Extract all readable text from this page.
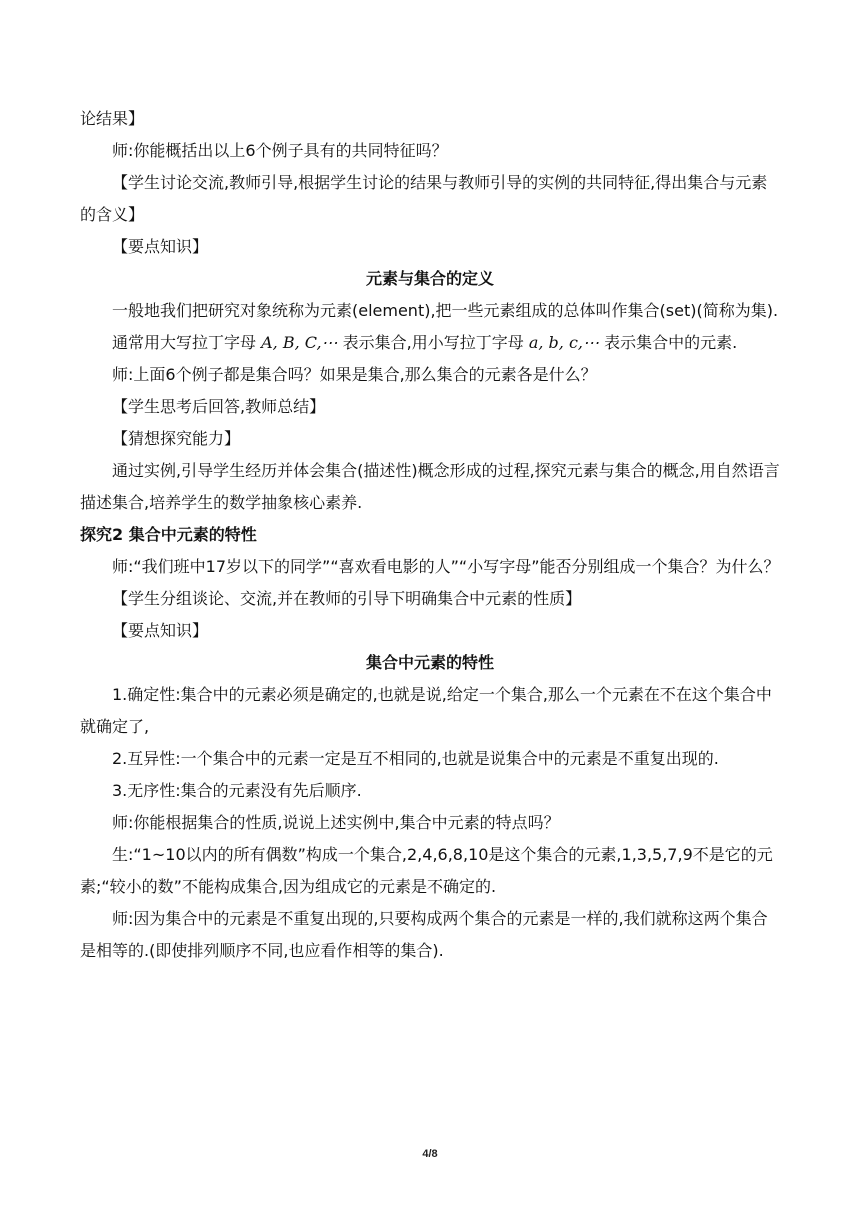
论结果】

师:你能概括出以上6个例子具有的共同特征吗？

【学生讨论交流,教师引导,根据学生讨论的结果与教师引导的实例的共同特征,得出集合与元素的含义】

【要点知识】

元素与集合的定义

一般地我们把研究对象统称为元素(element),把一些元素组成的总体叫作集合(set)(简称为集).

通常用大写拉丁字母 A, B, C,⋯ 表示集合,用小写拉丁字母 a, b, c,⋯ 表示集合中的元素.

师:上面6个例子都是集合吗？如果是集合,那么集合的元素各是什么？

【学生思考后回答,教师总结】

【猜想探究能力】

通过实例,引导学生经历并体会集合(描述性)概念形成的过程,探究元素与集合的概念,用自然语言描述集合,培养学生的数学抽象核心素养.

探究2 集合中元素的特性

师:“我们班中17岁以下的同学”“喜欢看电影的人”“小写字母”能否分别组成一个集合？为什么？

【学生分组谈论、交流,并在教师的引导下明确集合中元素的性质】

【要点知识】

集合中元素的特性

1.确定性:集合中的元素必须是确定的,也就是说,给定一个集合,那么一个元素在不在这个集合中就确定了,

2.互异性:一个集合中的元素一定是互不相同的,也就是说集合中的元素是不重复出现的.

3.无序性:集合的元素没有先后顺序.

师:你能根据集合的性质,说说上述实例中,集合中元素的特点吗？

生:“1~10以内的所有偶数”构成一个集合,2,4,6,8,10是这个集合的元素,1,3,5,7,9不是它的元素;“较小的数”不能构成集合,因为组成它的元素是不确定的.

师:因为集合中的元素是不重复出现的,只要构成两个集合的元素是一样的,我们就称这两个集合是相等的.(即使排列顺序不同,也应看作相等的集合).

4/8
